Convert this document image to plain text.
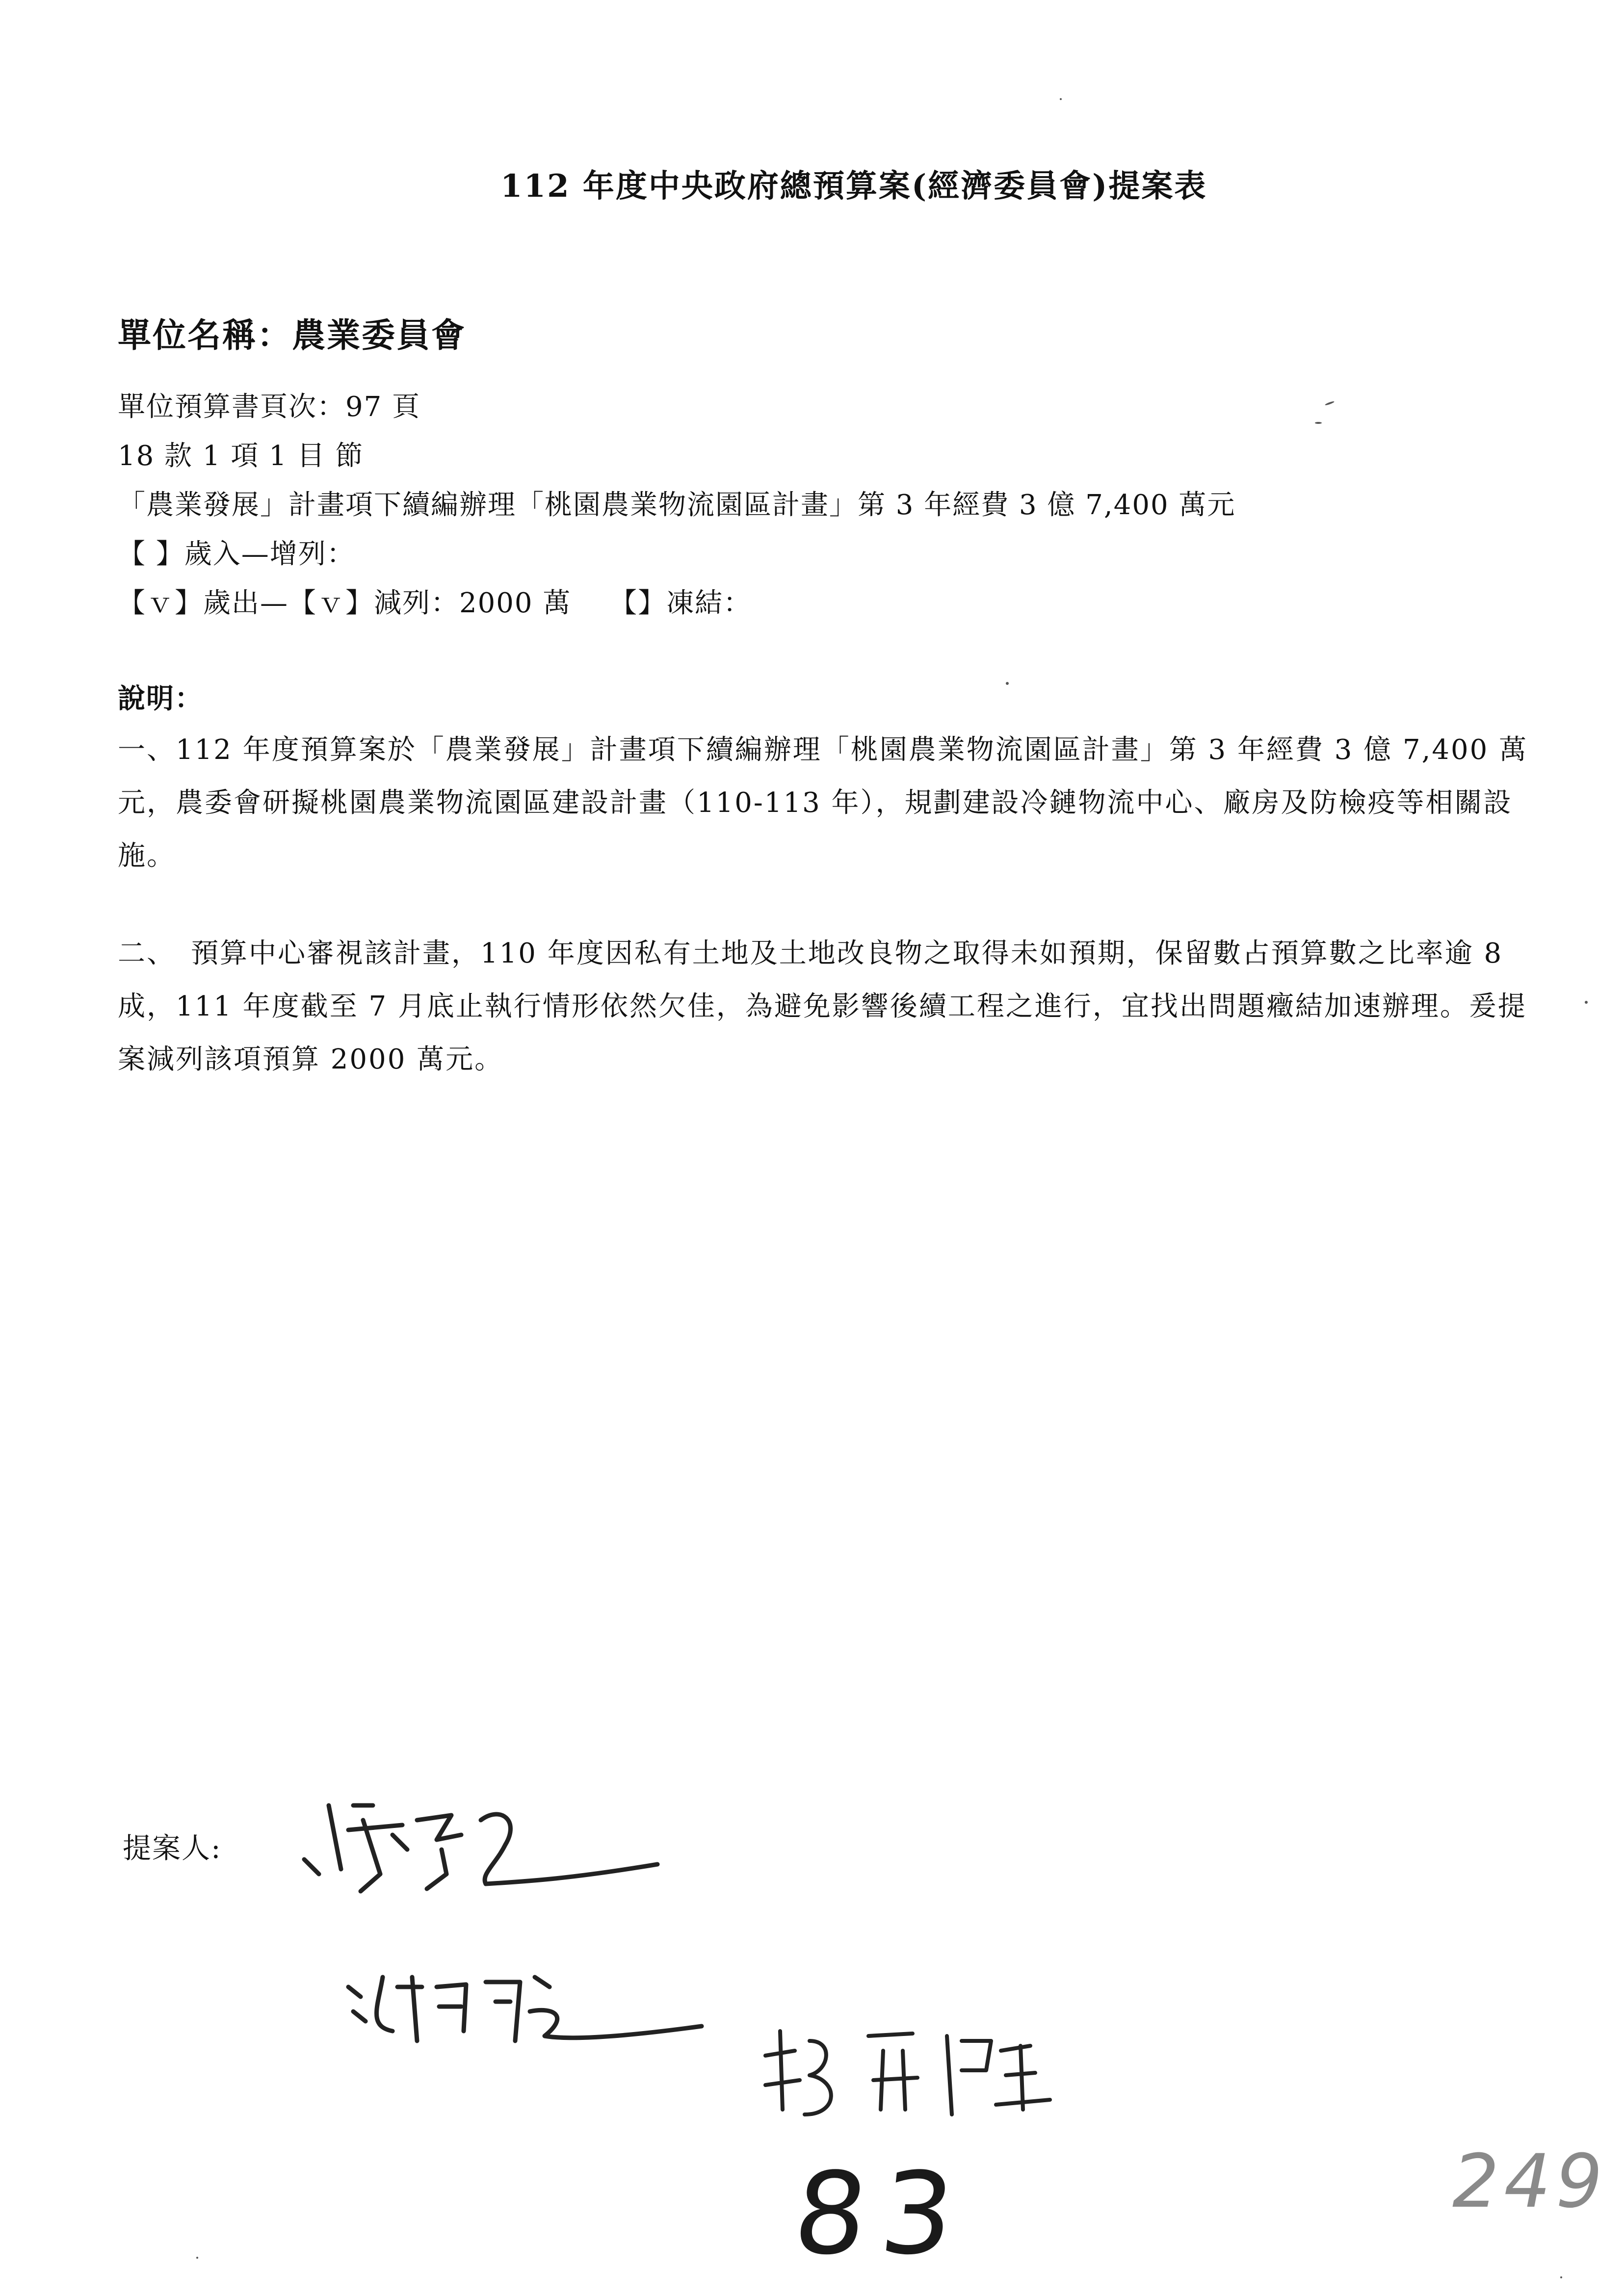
112 年度中央政府總預算案(經濟委員會)提案表
單位名稱：農業委員會
單位預算書頁次：97 頁
18 款 1 項 1 目 節
「農業發展」計畫項下續編辦理「桃園農業物流園區計畫」第 3 年經費 3 億 7,400 萬元
【 】歲入—增列：
【ｖ】歲出—【ｖ】減列：2000 萬　 【】凍結：
說明：
一、112 年度預算案於「農業發展」計畫項下續編辦理「桃園農業物流園區計畫」第 3 年經費 3 億 7,400 萬元，農委會研擬桃園農業物流園區建設計畫（110-113 年），規劃建設冷鏈物流中心、廠房及防檢疫等相關設施。
二、　預算中心審視該計畫，110 年度因私有土地及土地改良物之取得未如預期，保留數占預算數之比率逾 8 成，111 年度截至 7 月底止執行情形依然欠佳，為避免影響後續工程之進行，宜找出問題癥結加速辦理。爰提案減列該項預算 2000 萬元。
提案人:
83	249
